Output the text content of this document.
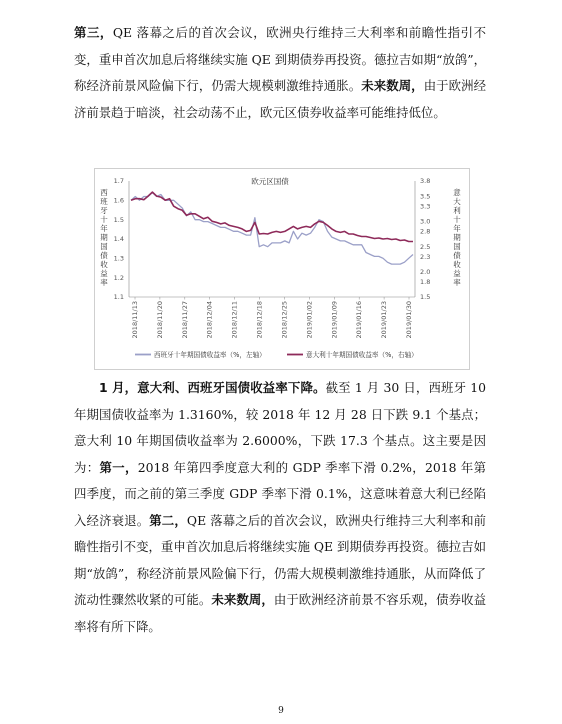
第三，QE 落幕之后的首次会议，欧洲央行维持三大利率和前瞻性指引不变，重申首次加息后将继续实施 QE 到期债券再投资。德拉吉如期“放鸽”，称经济前景风险偏下行，仍需大规模刺激维持通胀。未来数周，由于欧洲经济前景趋于暗淡，社会动荡不止，欧元区债券收益率可能维持低位。

欧元区国债
1.7
1.6
1.5
1.4
1.3
1.2
1.1
3.8
3.5
3.3
3.0
2.8
2.5
2.3
2.0
1.8
1.5
西
班
牙
十
年
期
国
债
收
益
率
意
大
利
十
年
期
国
债
收
益
率
2018/11/13	2018/11/20	2018/11/27	2018/12/04	2018/12/11	2018/12/18	2018/12/25	2019/01/02	2019/01/09	2019/01/16	2019/01/23	2019/01/30
西班牙十年期国债收益率（%，左轴）	意大利十年期国债收益率（%，右轴）

1 月，意大利、西班牙国债收益率下降。截至 1 月 30 日，西班牙 10 年期国债收益率为 1.3160%，较 2018 年 12 月 28 日下跌 9.1 个基点；意大利 10 年期国债收益率为 2.6000%，下跌 17.3 个基点。这主要是因为：第一，2018 年第四季度意大利的 GDP 季率下滑 0.2%，2018 年第四季度，而之前的第三季度 GDP 季率下滑 0.1%，这意味着意大利已经陷入经济衰退。第二，QE 落幕之后的首次会议，欧洲央行维持三大利率和前瞻性指引不变，重申首次加息后将继续实施 QE 到期债券再投资。德拉吉如期“放鸽”，称经济前景风险偏下行，仍需大规模刺激维持通胀，从而降低了流动性骤然收紧的可能。未来数周，由于欧洲经济前景不容乐观，债券收益率将有所下降。

9
